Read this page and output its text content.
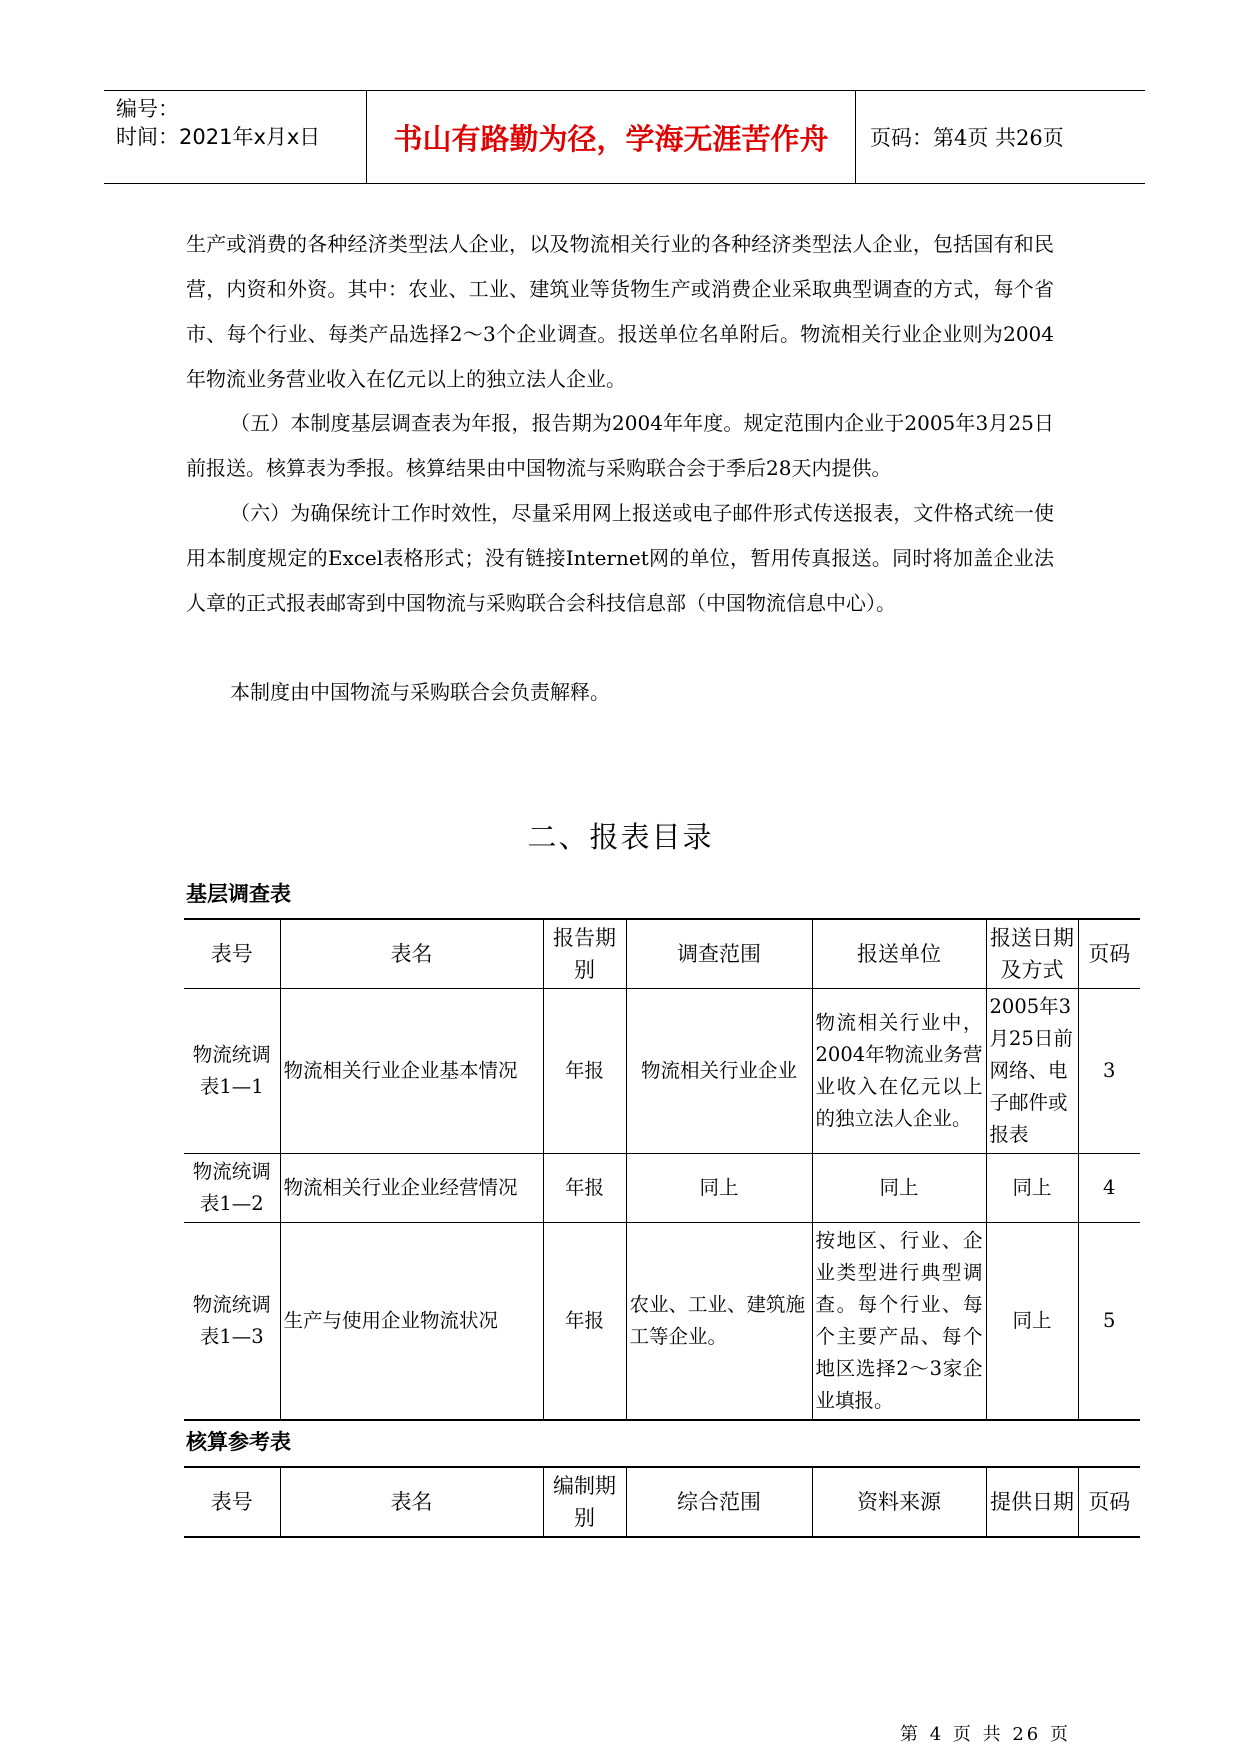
编号：
时间：2021年x月x日	书山有路勤为径，学海无涯苦作舟	页码：第4页 共26页

生产或消费的各种经济类型法人企业，以及物流相关行业的各种经济类型法人企业，包括国有和民营，内资和外资。其中：农业、工业、建筑业等货物生产或消费企业采取典型调查的方式，每个省市、每个行业、每类产品选择2～3个企业调查。报送单位名单附后。物流相关行业企业则为2004年物流业务营业收入在亿元以上的独立法人企业。

（五）本制度基层调查表为年报，报告期为2004年年度。规定范围内企业于2005年3月25日前报送。核算表为季报。核算结果由中国物流与采购联合会于季后28天内提供。

（六）为确保统计工作时效性，尽量采用网上报送或电子邮件形式传送报表，文件格式统一使用本制度规定的Excel表格形式；没有链接Internet网的单位，暂用传真报送。同时将加盖企业法人章的正式报表邮寄到中国物流与采购联合会科技信息部（中国物流信息中心）。

本制度由中国物流与采购联合会负责解释。

二、报表目录
基层调查表
表号	表名	报告期别	调查范围	报送单位	报送日期及方式	页码
物流统调表1—1	物流相关行业企业基本情况	年报	物流相关行业企业	物流相关行业中，2004年物流业务营业收入在亿元以上的独立法人企业。	2005年3月25日前网络、电子邮件或报表	3
物流统调表1—2	物流相关行业企业经营情况	年报	同上	同上	同上	4
物流统调表1—3	生产与使用企业物流状况	年报	农业、工业、建筑施工等企业。	按地区、行业、企业类型进行典型调查。每个行业、每个主要产品、每个地区选择2～3家企业填报。	同上	5
核算参考表
表号	表名	编制期别	综合范围	资料来源	提供日期	页码
第 4 页 共 26 页
